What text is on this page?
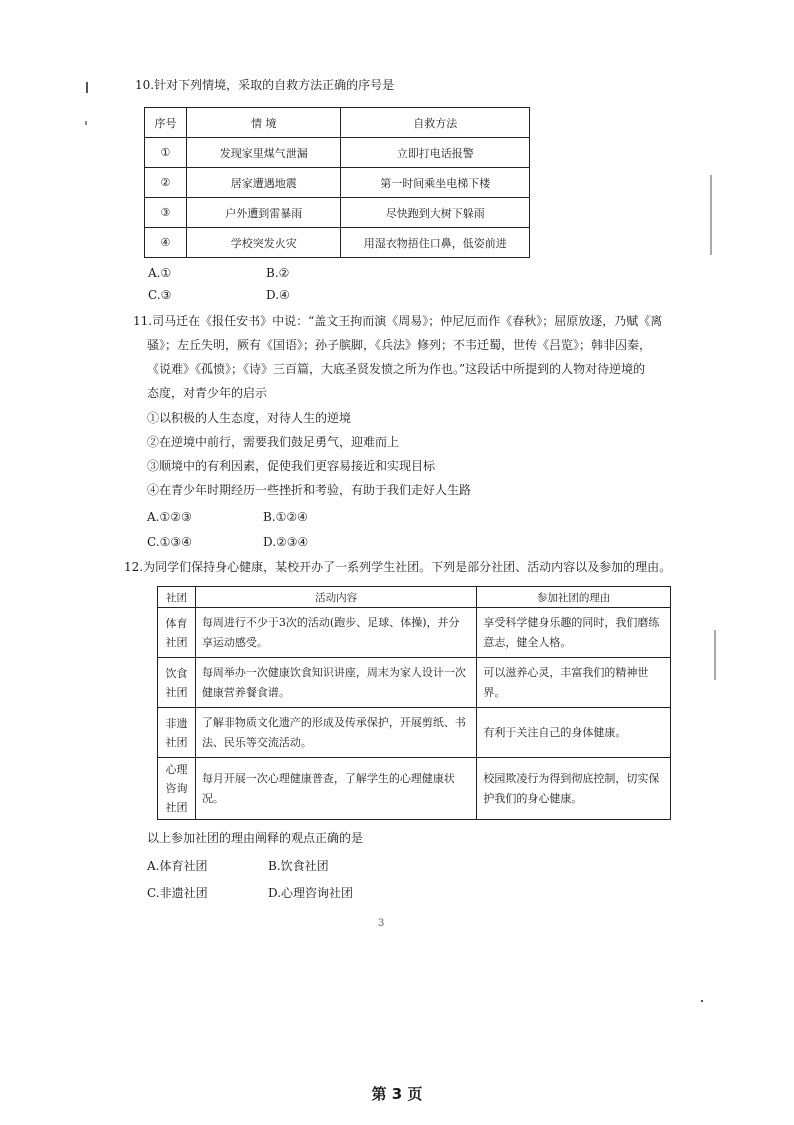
10.针对下列情境，采取的自救方法正确的序号是
序号	情 境	自救方法
①	发现家里煤气泄漏	立即打电话报警
②	居家遭遇地震	第一时间乘坐电梯下楼
③	户外遭到雷暴雨	尽快跑到大树下躲雨
④	学校突发火灾	用湿衣物捂住口鼻，低姿前进
A.①	B.②
C.③	D.④
11.司马迁在《报任安书》中说：“盖文王拘而演《周易》；仲尼厄而作《春秋》；屈原放逐，乃赋《离
骚》；左丘失明，厥有《国语》；孙子膑脚，《兵法》修列；不韦迁蜀，世传《吕览》；韩非囚秦，
《说难》《孤愤》；《诗》三百篇，大底圣贤发愤之所为作也。”这段话中所提到的人物对待逆境的
态度，对青少年的启示
①以积极的人生态度，对待人生的逆境
②在逆境中前行，需要我们鼓足勇气，迎难而上
③顺境中的有利因素，促使我们更容易接近和实现目标
④在青少年时期经历一些挫折和考验，有助于我们走好人生路
A.①②③	B.①②④
C.①③④	D.②③④
12.为同学们保持身心健康，某校开办了一系列学生社团。下列是部分社团、活动内容以及参加的理由。
社团	活动内容	参加社团的理由
体育社团	每周进行不少于3次的活动(跑步、足球、体操)，并分享运动感受。	享受科学健身乐趣的同时，我们磨练意志，健全人格。
饮食社团	每周举办一次健康饮食知识讲座，周末为家人设计一次健康营养餐食谱。	可以滋养心灵，丰富我们的精神世界。
非遗社团	了解非物质文化遗产的形成及传承保护，开展剪纸、书法、民乐等交流活动。	有利于关注自己的身体健康。
心理咨询社团	每月开展一次心理健康普查，了解学生的心理健康状况。	校园欺凌行为得到彻底控制，切实保护我们的身心健康。
以上参加社团的理由阐释的观点正确的是
A.体育社团	B.饮食社团
C.非遗社团	D.心理咨询社团
3
第 3 页
